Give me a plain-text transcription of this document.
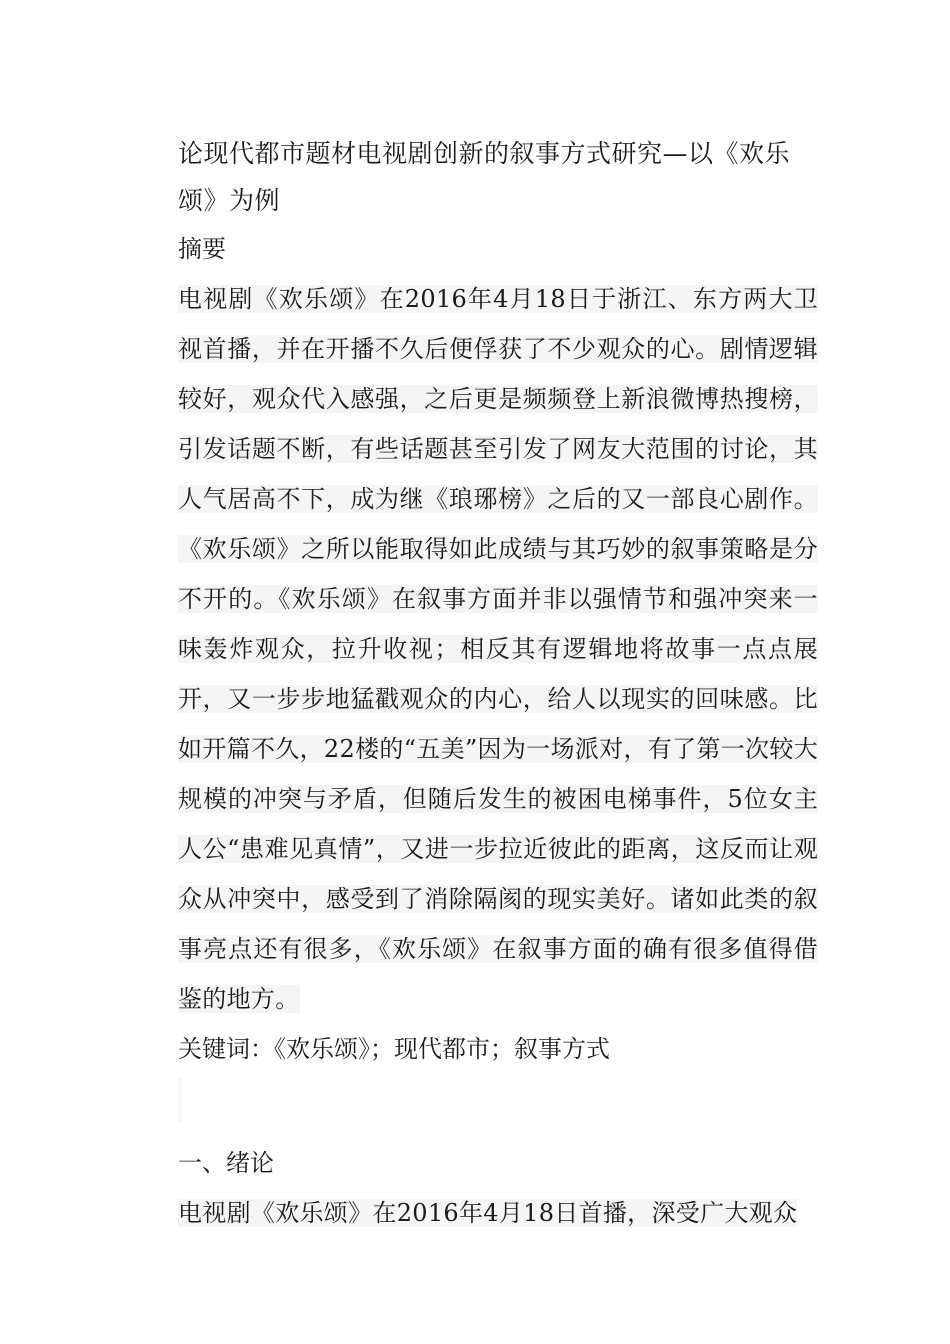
论现代都市题材电视剧创新的叙事方式研究—以《欢乐颂》为例

摘要

电视剧《欢乐颂》在2016年4月18日于浙江、东方两大卫视首播，并在开播不久后便俘获了不少观众的心。剧情逻辑较好，观众代入感强，之后更是频频登上新浪微博热搜榜，引发话题不断，有些话题甚至引发了网友大范围的讨论，其人气居高不下，成为继《琅琊榜》之后的又一部良心剧作。《欢乐颂》之所以能取得如此成绩与其巧妙的叙事策略是分不开的。《欢乐颂》在叙事方面并非以强情节和强冲突来一味轰炸观众，拉升收视；相反其有逻辑地将故事一点点展开，又一步步地猛戳观众的内心，给人以现实的回味感。比如开篇不久，22楼的“五美”因为一场派对，有了第一次较大规模的冲突与矛盾，但随后发生的被困电梯事件，5位女主人公“患难见真情”，又进一步拉近彼此的距离，这反而让观众从冲突中，感受到了消除隔阂的现实美好。诸如此类的叙事亮点还有很多，《欢乐颂》在叙事方面的确有很多值得借鉴的地方。

关键词：《欢乐颂》；现代都市；叙事方式

一、绪论

电视剧《欢乐颂》在2016年4月18日首播，深受广大观众
